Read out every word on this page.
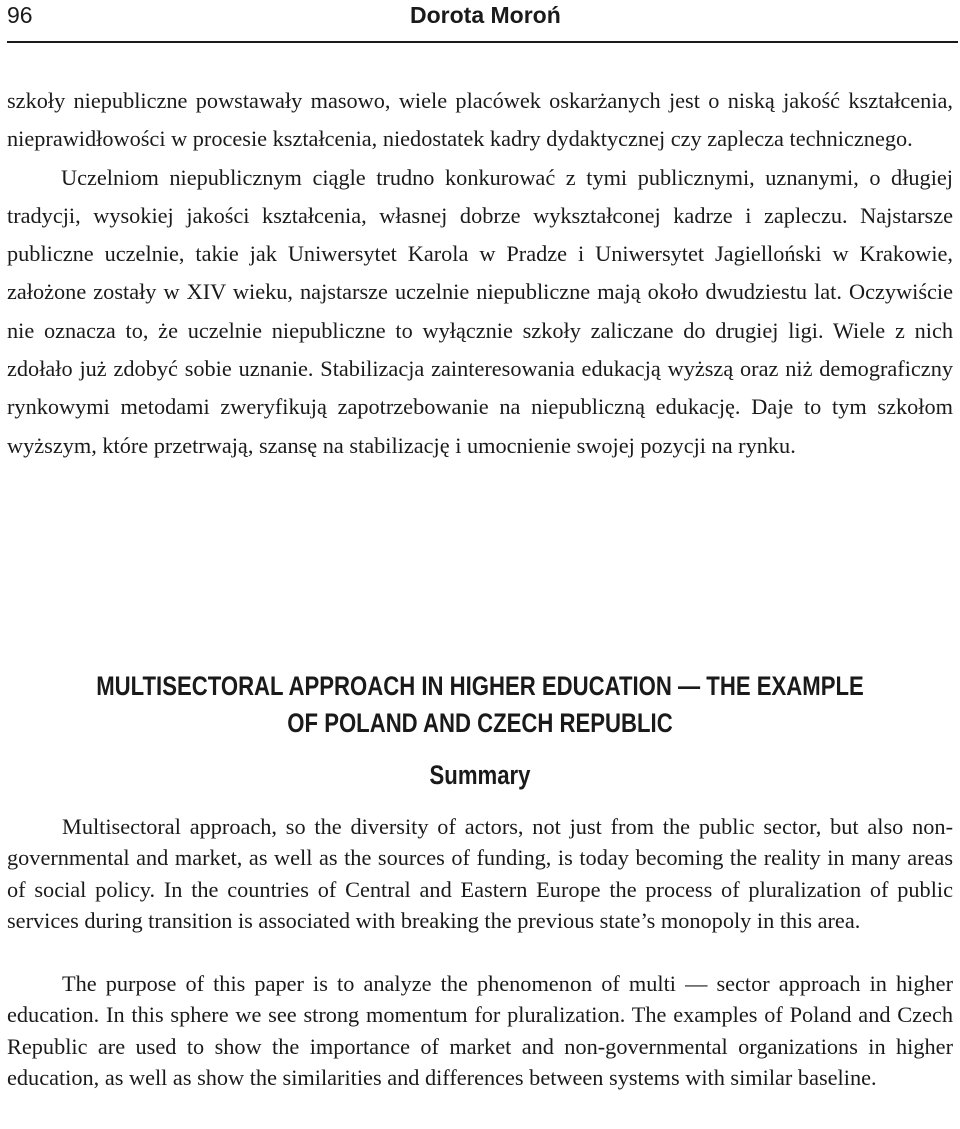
96	Dorota Moroń

szkoły niepubliczne powstawały masowo, wiele placówek oskarżanych jest o niską jakość kształcenia, nieprawidłowości w procesie kształcenia, niedostatek kadry dydaktycznej czy zaplecza technicznego.
Uczelniom niepublicznym ciągle trudno konkurować z tymi publicznymi, uznanymi, o długiej tradycji, wysokiej jakości kształcenia, własnej dobrze wykształconej kadrze i zapleczu. Najstarsze publiczne uczelnie, takie jak Uniwersytet Karola w Pradze i Uniwersytet Jagielloński w Krakowie, założone zostały w XIV wieku, najstarsze uczelnie niepubliczne mają około dwudziestu lat. Oczywiście nie oznacza to, że uczelnie niepubliczne to wyłącznie szkoły zaliczane do drugiej ligi. Wiele z nich zdołało już zdobyć sobie uznanie. Stabilizacja zainteresowania edukacją wyższą oraz niż demograficzny rynkowymi metodami zweryfikują zapotrzebowanie na niepubliczną edukację. Daje to tym szkołom wyższym, które przetrwają, szansę na stabilizację i umocnienie swojej pozycji na rynku.

MULTISECTORAL APPROACH IN HIGHER EDUCATION — THE EXAMPLE
OF POLAND AND CZECH REPUBLIC
Summary

Multisectoral approach, so the diversity of actors, not just from the public sector, but also non-governmental and market, as well as the sources of funding, is today becoming the reality in many areas of social policy. In the countries of Central and Eastern Europe the process of pluralization of public services during transition is associated with breaking the previous state’s monopoly in this area.

The purpose of this paper is to analyze the phenomenon of multi — sector approach in higher education. In this sphere we see strong momentum for pluralization. The examples of Poland and Czech Republic are used to show the importance of market and non-governmental organizations in higher education, as well as show the similarities and differences between systems with similar baseline.
